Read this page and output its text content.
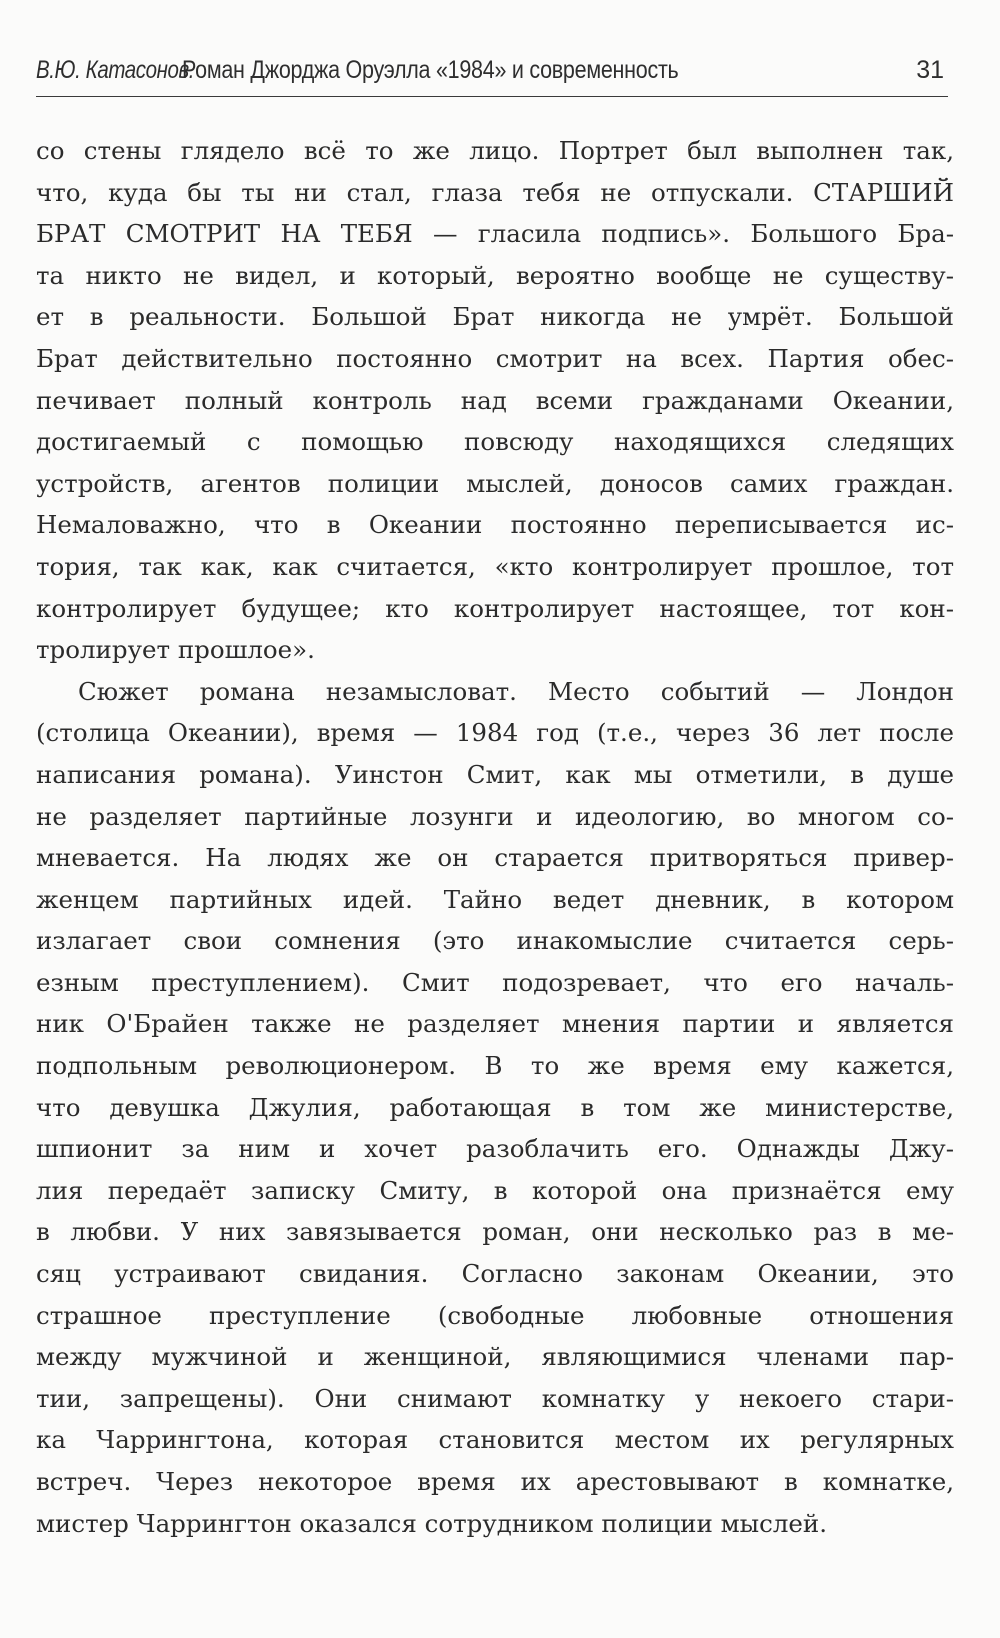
В.Ю. Катасонов.
Роман Джорджа Оруэлла «1984» и современность	31
со стены глядело всё то же лицо. Портрет был выполнен так,
что, куда бы ты ни стал, глаза тебя не отпускали. СТАРШИЙ
БРАТ СМОТРИТ НА ТЕБЯ — гласила подпись». Большого Бра-
та никто не видел, и который, вероятно вообще не существу-
ет в реальности. Большой Брат никогда не умрёт. Большой
Брат действительно постоянно смотрит на всех. Партия обес-
печивает полный контроль над всеми гражданами Океании,
достигаемый с помощью повсюду находящихся следящих
устройств, агентов полиции мыслей, доносов самих граждан.
Немаловажно, что в Океании постоянно переписывается ис-
тория, так как, как считается, «кто контролирует прошлое, тот
контролирует будущее; кто контролирует настоящее, тот кон-
тролирует прошлое».
Сюжет романа незамысловат. Место событий — Лондон
(столица Океании), время — 1984 год (т.е., через 36 лет после
написания романа). Уинстон Смит, как мы отметили, в душе
не разделяет партийные лозунги и идеологию, во многом со-
мневается. На людях же он старается притворяться привер-
женцем партийных идей. Тайно ведет дневник, в котором
излагает свои сомнения (это инакомыслие считается серь-
езным преступлением). Смит подозревает, что его началь-
ник О'Брайен также не разделяет мнения партии и является
подпольным революционером. В то же время ему кажется,
что девушка Джулия, работающая в том же министерстве,
шпионит за ним и хочет разоблачить его. Однажды Джу-
лия передаёт записку Смиту, в которой она признаётся ему
в любви. У них завязывается роман, они несколько раз в ме-
сяц устраивают свидания. Согласно законам Океании, это
страшное преступление (свободные любовные отношения
между мужчиной и женщиной, являющимися членами пар-
тии, запрещены). Они снимают комнатку у некоего стари-
ка Чаррингтона, которая становится местом их регулярных
встреч. Через некоторое время их арестовывают в комнатке,
мистер Чаррингтон оказался сотрудником полиции мыслей.
